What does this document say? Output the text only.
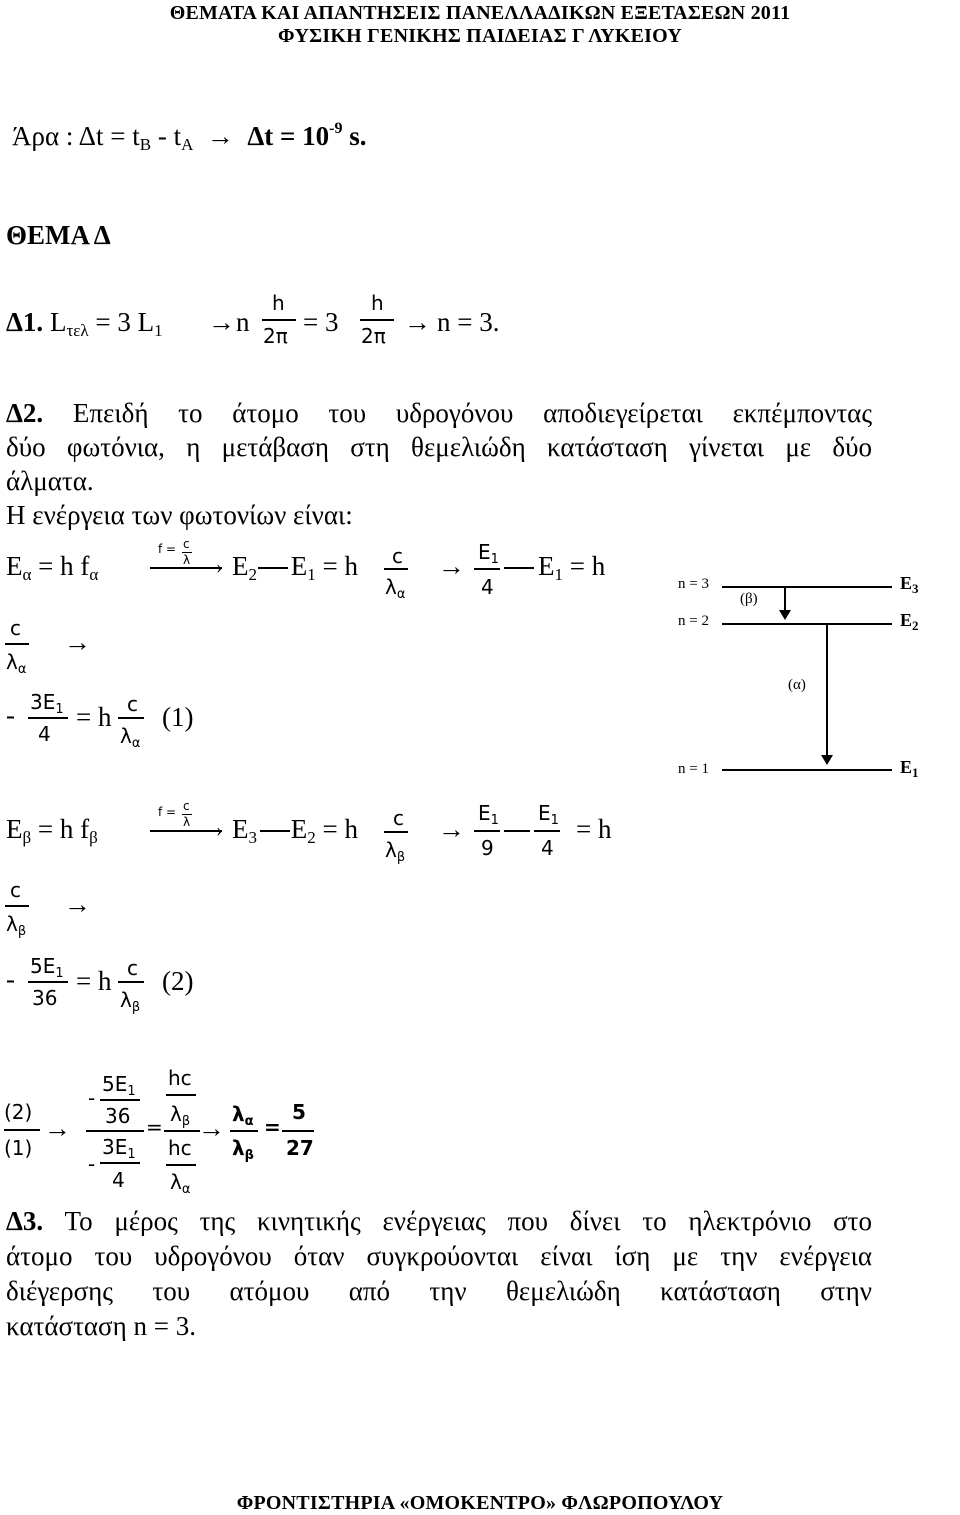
ΘΕΜΑΤΑ ΚΑΙ ΑΠΑΝΤΗΣΕΙΣ ΠΑΝΕΛΛΑΔΙΚΩΝ ΕΞΕΤΑΣΕΩΝ 2011
ΦΥΣΙΚΗ ΓΕΝΙΚΗΣ ΠΑΙΔΕΙΑΣ Γ ΛΥΚΕΙΟΥ
Άρα : $\Delta t = t_B - t_A \to \Delta t = 10^{-9}$ s.
ΘΕΜΑ Δ
Δ1. $L_{\tau\varepsilon\lambda} = 3$ $L_1 \to n$
h
2π = 3
h
2π → n = 3.
Δ2. Επειδή το άτομο του υδρογόνου αποδιεγείρεται εκπέμποντας
δύο φωτόνια, η μετάβαση στη θεμελιώδη κατάσταση γίνεται με δύο
άλματα.
Η ενέργεια των φωτονίων είναι:
$E_\alpha = h$ $f_\alpha$
f = c
λ › $E_2$ $E_1 = h$ c
$\lambda_\alpha$
→ $E_1$
4
$E_1 = h$
c
$\lambda_\alpha$
→
- $3E_1$
4
= h c
$\lambda_\alpha$
(1)
$E_\beta = h$ $f_\beta$
f = c
λ › $E_3$ $E_2 = h$ c
$\lambda_\beta$
→
$E_1$
9
$E_1$
4
= h
c
$\lambda_\beta$
→
- $5E_1$
36
= h c
$\lambda_\beta$
(2)
(2)
(1)
→
-
$5E_1$
36
-
$3E_1$
4
=
hc
$\lambda_\beta$
hc
$\lambda_\alpha$
→ $\lambda_\alpha$
$\lambda_\beta$
=
5
27
Δ3. Το μέρος της κινητικής ενέργειας που δίνει το ηλεκτρόνιο στο
άτομο του υδρογόνου όταν συγκρούονται είναι ίση με την ενέργεια
διέγερσης του ατόμου από την θεμελιώδη κατάσταση στην
κατάσταση n = 3.
n = 3	$E_3$
(β)
n = 2	$E_2$
(α)
n = 1	$E_1$
ΦΡΟΝΤΙΣΤΗΡΙΑ «ΟΜΟΚΕΝΤΡΟ» ΦΛΩΡΟΠΟΥΛΟΥ
